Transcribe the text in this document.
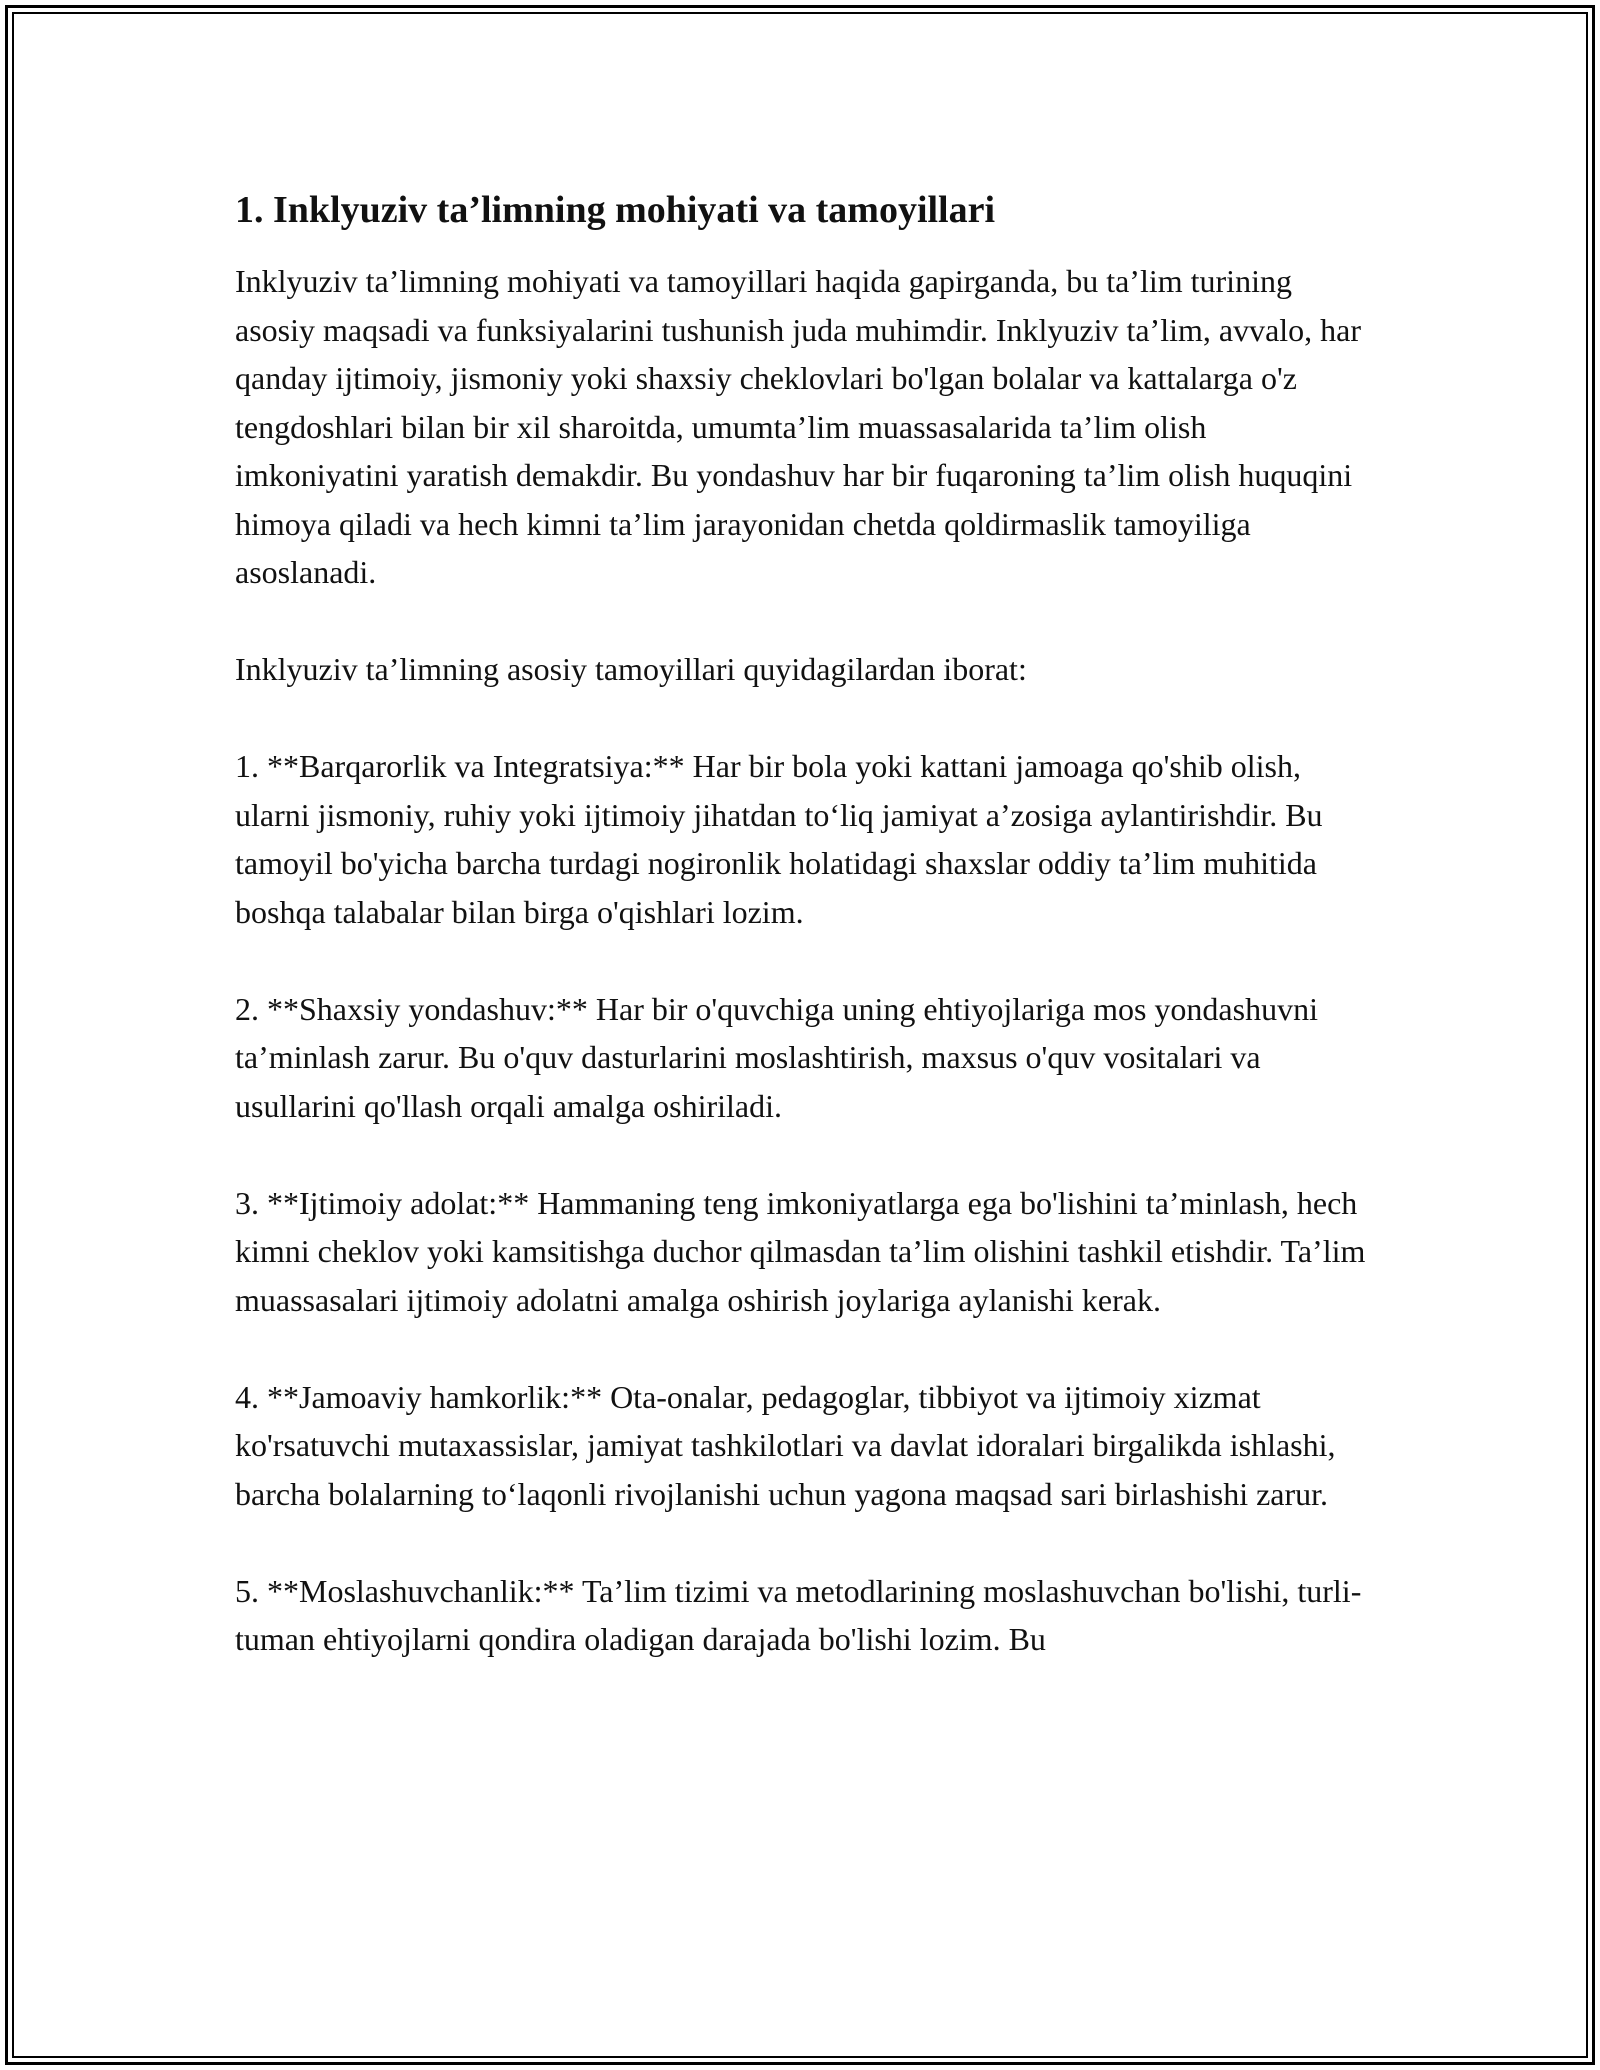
1. Inklyuziv ta’limning mohiyati va tamoyillari

Inklyuziv ta’limning mohiyati va tamoyillari haqida gapirganda, bu ta’lim turining asosiy maqsadi va funksiyalarini tushunish juda muhimdir. Inklyuziv ta’lim, avvalo, har qanday ijtimoiy, jismoniy yoki shaxsiy cheklovlari bo'lgan bolalar va kattalarga o'z tengdoshlari bilan bir xil sharoitda, umumta’lim muassasalarida ta’lim olish imkoniyatini yaratish demakdir. Bu yondashuv har bir fuqaroning ta’lim olish huquqini himoya qiladi va hech kimni ta’lim jarayonidan chetda qoldirmaslik tamoyiliga asoslanadi.

Inklyuziv ta’limning asosiy tamoyillari quyidagilardan iborat:

1. **Barqarorlik va Integratsiya:** Har bir bola yoki kattani jamoaga qo'shib olish, ularni jismoniy, ruhiy yoki ijtimoiy jihatdan to‘liq jamiyat a’zosiga aylantirishdir. Bu tamoyil bo'yicha barcha turdagi nogironlik holatidagi shaxslar oddiy ta’lim muhitida boshqa talabalar bilan birga o'qishlari lozim.

2. **Shaxsiy yondashuv:** Har bir o'quvchiga uning ehtiyojlariga mos yondashuvni ta’minlash zarur. Bu o'quv dasturlarini moslashtirish, maxsus o'quv vositalari va usullarini qo'llash orqali amalga oshiriladi.

3. **Ijtimoiy adolat:** Hammaning teng imkoniyatlarga ega bo'lishini ta’minlash, hech kimni cheklov yoki kamsitishga duchor qilmasdan ta’lim olishini tashkil etishdir. Ta’lim muassasalari ijtimoiy adolatni amalga oshirish joylariga aylanishi kerak.

4. **Jamoaviy hamkorlik:** Ota-onalar, pedagoglar, tibbiyot va ijtimoiy xizmat ko'rsatuvchi mutaxassislar, jamiyat tashkilotlari va davlat idoralari birgalikda ishlashi, barcha bolalarning to‘laqonli rivojlanishi uchun yagona maqsad sari birlashishi zarur.

5. **Moslashuvchanlik:** Ta’lim tizimi va metodlarining moslashuvchan bo'lishi, turli-tuman ehtiyojlarni qondira oladigan darajada bo'lishi lozim. Bu
